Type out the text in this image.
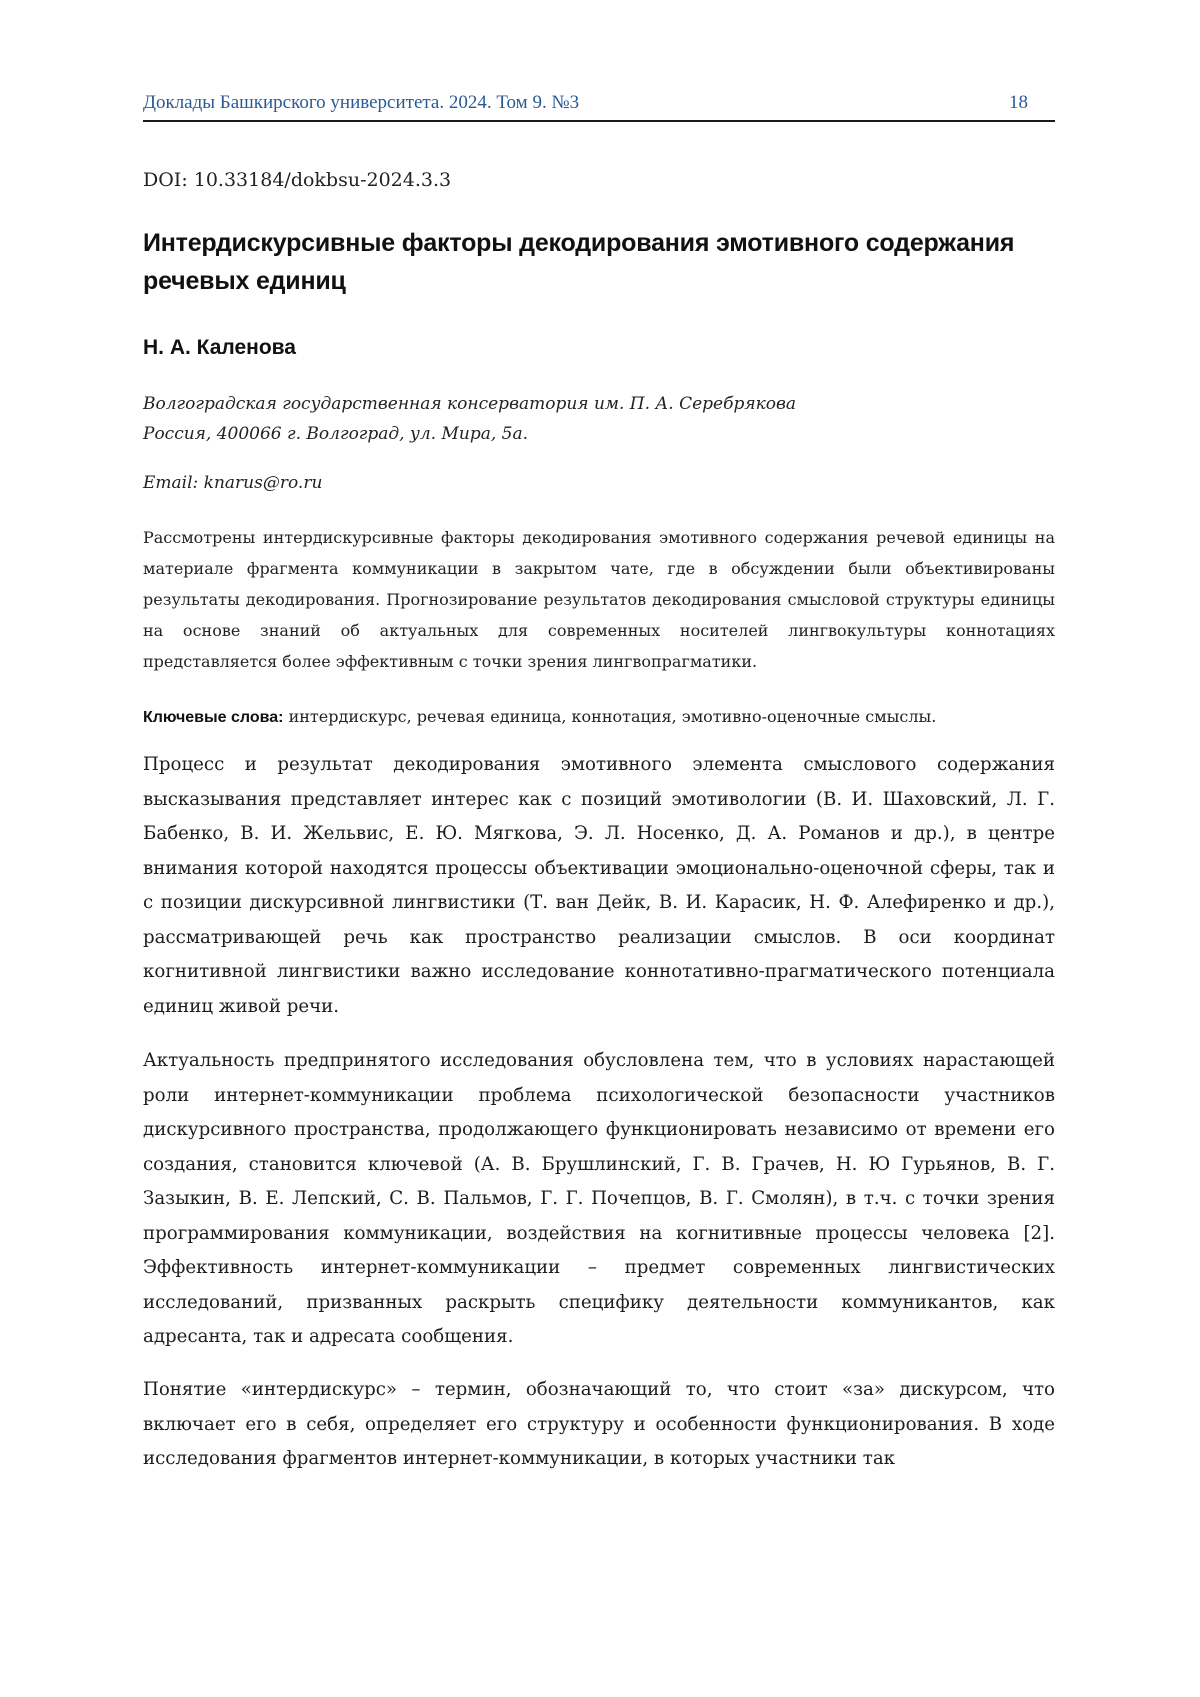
Доклады Башкирского университета. 2024. Том 9. №3	18
DOI: 10.33184/dokbsu-2024.3.3
Интердискурсивные факторы декодирования эмотивного содержания речевых единиц
Н. А. Каленова
Волгоградская государственная консерватория им. П. А. Серебрякова
Россия, 400066 г. Волгоград, ул. Мира, 5а.
Email: knarus@ro.ru

Рассмотрены интердискурсивные факторы декодирования эмотивного содержания речевой единицы на материале фрагмента коммуникации в закрытом чате, где в обсуждении были объективированы результаты декодирования. Прогнозирование результатов декодирования смысловой структуры единицы на основе знаний об актуальных для современных носителей лингвокультуры коннотациях представляется более эффективным с точки зрения лингвопрагматики.

Ключевые слова: интердискурс, речевая единица, коннотация, эмотивно-оценочные смыслы.

Процесс и результат декодирования эмотивного элемента смыслового содержания высказывания представляет интерес как с позиций эмотивологии (В. И. Шаховский, Л. Г. Бабенко, В. И. Жельвис, Е. Ю. Мягкова, Э. Л. Носенко, Д. А. Романов и др.), в центре внимания которой находятся процессы объективации эмоционально-оценочной сферы, так и с позиции дискурсивной лингвистики (Т. ван Дейк, В. И. Карасик, Н. Ф. Алефиренко и др.), рассматривающей речь как пространство реализации смыслов. В оси координат когнитивной лингвистики важно исследование коннотативно-прагматического потенциала единиц живой речи.

Актуальность предпринятого исследования обусловлена тем, что в условиях нарастающей роли интернет-коммуникации проблема психологической безопасности участников дискурсивного пространства, продолжающего функционировать независимо от времени его создания, становится ключевой (А. В. Брушлинский, Г. В. Грачев, Н. Ю Гурьянов, В. Г. Зазыкин, В. Е. Лепский, С. В. Пальмов, Г. Г. Почепцов, В. Г. Смолян), в т.ч. с точки зрения программирования коммуникации, воздействия на когнитивные процессы человека [2]. Эффективность интернет-коммуникации – предмет современных лингвистических исследований, призванных раскрыть специфику деятельности коммуникантов, как адресанта, так и адресата сообщения.

Понятие «интердискурс» – термин, обозначающий то, что стоит «за» дискурсом, что включает его в себя, определяет его структуру и особенности функционирования. В ходе исследования фрагментов интернет-коммуникации, в которых участники так
